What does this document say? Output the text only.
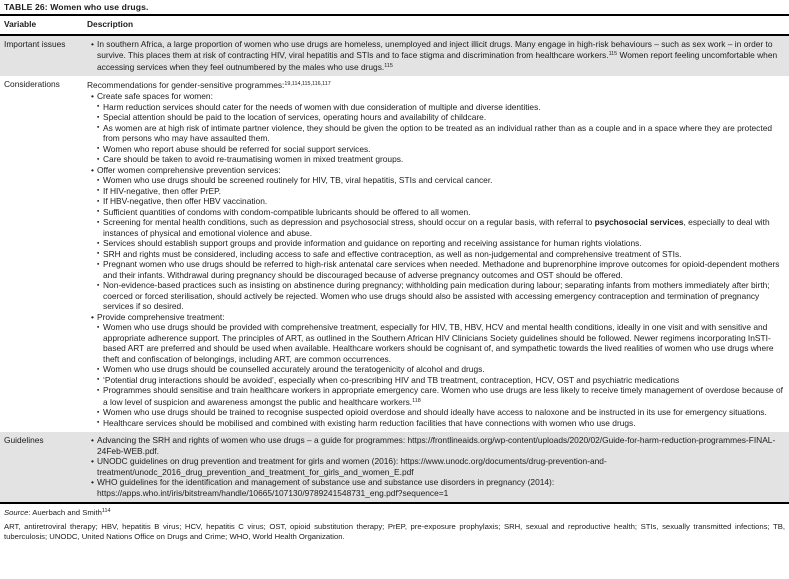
TABLE 26: Women who use drugs.
Variable	Description
Important issues	• In southern Africa, a large proportion of women who use drugs are homeless, unemployed and inject illicit drugs. Many engage in high-risk behaviours – such as sex work – in order to survive. This places them at risk of contracting HIV, viral hepatitis and STIs and to face stigma and discrimination from healthcare workers.$^{115}$ Women report feeling uncomfortable when accessing services when they feel outnumbered by the males who use drugs.$^{115}$
Considerations	Recommendations for gender-sensitive programmes:$^{19,114,115,116,117}$
• Create safe spaces for women:
▪ Harm reduction services should cater for the needs of women with due consideration of multiple and diverse identities.
▪ Special attention should be paid to the location of services, operating hours and availability of childcare.
▪ As women are at high risk of intimate partner violence, they should be given the option to be treated as an individual rather than as a couple and in a space where they are protected from persons who may have assaulted them.
▪ Women who report abuse should be referred for social support services.
▪ Care should be taken to avoid re-traumatising women in mixed treatment groups.
• Offer women comprehensive prevention services:
▪ Women who use drugs should be screened routinely for HIV, TB, viral hepatitis, STIs and cervical cancer.
▪ If HIV-negative, then offer PrEP.
▪ If HBV-negative, then offer HBV vaccination.
▪ Sufficient quantities of condoms with condom-compatible lubricants should be offered to all women.
▪ Screening for mental health conditions, such as depression and psychosocial stress, should occur on a regular basis, with referral to psychosocial services, especially to deal with instances of physical and emotional violence and abuse.
▪ Services should establish support groups and provide information and guidance on reporting and receiving assistance for human rights violations.
▪ SRH and rights must be considered, including access to safe and effective contraception, as well as non-judgemental and comprehensive treatment of STIs.
▪ Pregnant women who use drugs should be referred to high-risk antenatal care services when needed. Methadone and buprenorphine improve outcomes for opioid-dependent mothers and their infants. Withdrawal during pregnancy should be discouraged because of adverse pregnancy outcomes and OST should be offered.
▪ Non-evidence-based practices such as insisting on abstinence during pregnancy; withholding pain medication during labour; separating infants from mothers immediately after birth; coerced or forced sterilisation, should actively be rejected. Women who use drugs should also be assisted with accessing emergency contraception and termination of pregnancy services if so desired.
• Provide comprehensive treatment:
▪ Women who use drugs should be provided with comprehensive treatment, especially for HIV, TB, HBV, HCV and mental health conditions, ideally in one visit and with sensitive and appropriate adherence support. The principles of ART, as outlined in the Southern African HIV Clinicians Society guidelines should be followed. Newer regimens incorporating InSTI-based ART are preferred and should be used when available. Healthcare workers should be cognisant of, and sympathetic towards the lived realities of women who use drugs where theft and confiscation of belongings, including ART, are common occurrences.
▪ Women who use drugs should be counselled accurately around the teratogenicity of alcohol and drugs.
▪ ‘Potential drug interactions should be avoided’, especially when co-prescribing HIV and TB treatment, contraception, HCV, OST and psychiatric medications
▪ Programmes should sensitise and train healthcare workers in appropriate emergency care. Women who use drugs are less likely to receive timely management of overdose because of a low level of suspicion and awareness amongst the public and healthcare workers.$^{118}$
▪ Women who use drugs should be trained to recognise suspected opioid overdose and should ideally have access to naloxone and be instructed in its use for emergency situations.
▪ Healthcare services should be mobilised and combined with existing harm reduction facilities that have connections with women who use drugs.
Guidelines	• Advancing the SRH and rights of women who use drugs – a guide for programmes: https://frontlineaids.org/wp-content/uploads/2020/02/Guide-for-harm-reduction-programmes-FINAL-24Feb-WEB.pdf.
• UNODC guidelines on drug prevention and treatment for girls and women (2016): https://www.unodc.org/documents/drug-prevention-and-treatment/unodc_2016_drug_prevention_and_treatment_for_girls_and_women_E.pdf
• WHO guidelines for the identification and management of substance use and substance use disorders in pregnancy (2014): https://apps.who.int/iris/bitstream/handle/10665/107130/9789241548731_eng.pdf?sequence=1
Source: Auerbach and Smith$^{114}$
ART, antiretroviral therapy; HBV, hepatitis B virus; HCV, hepatitis C virus; OST, opioid substitution therapy; PrEP, pre-exposure prophylaxis; SRH, sexual and reproductive health; STIs, sexually transmitted infections; TB, tuberculosis; UNODC, United Nations Office on Drugs and Crime; WHO, World Health Organization.
